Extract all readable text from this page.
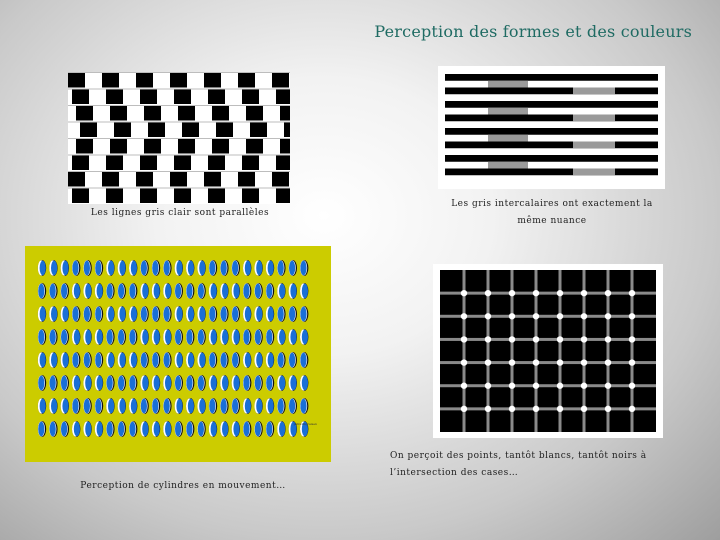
Perception des formes et des couleurs
Les lignes gris clair sont parallèles
Les gris intercalaires ont exactement la même nuance
pkhwimpraisen
Perception de cylindres en mouvement…
On perçoit des points, tantôt blancs, tantôt noirs à l’intersection des cases…
